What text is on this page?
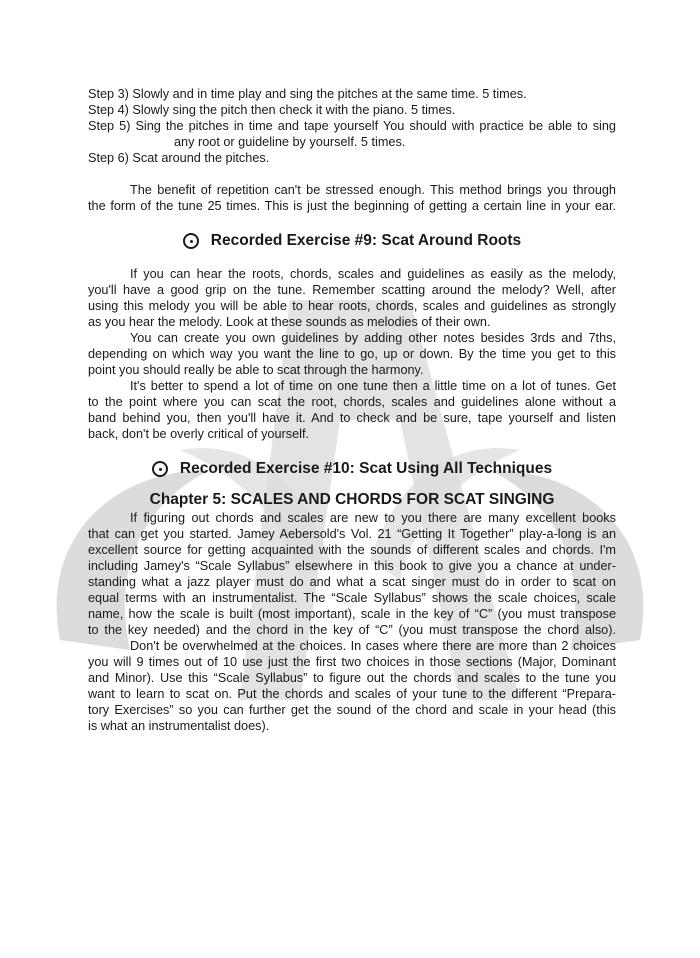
Step 3) Slowly and in time play and sing the pitches at the same time. 5 times.
Step 4) Slowly sing the pitch then check it with the piano. 5 times.
Step 5) Sing the pitches in time and tape yourself You should with practice be able to sing
any root or guideline by yourself. 5 times.
Step 6) Scat around the pitches.
The benefit of repetition can't be stressed enough. This method brings you through
the form of the tune 25 times. This is just the beginning of getting a certain line in your ear.
Recorded Exercise #9: Scat Around Roots
If you can hear the roots, chords, scales and guidelines as easily as the melody,
you'll have a good grip on the tune. Remember scatting around the melody? Well, after
using this melody you will be able to hear roots, chords, scales and guidelines as strongly
as you hear the melody. Look at these sounds as melodies of their own.
You can create you own guidelines by adding other notes besides 3rds and 7ths,
depending on which way you want the line to go, up or down. By the time you get to this
point you should really be able to scat through the harmony.
It's better to spend a lot of time on one tune then a little time on a lot of tunes. Get
to the point where you can scat the root, chords, scales and guidelines alone without a
band behind you, then you'll have it. And to check and be sure, tape yourself and listen
back, don't be overly critical of yourself.
Recorded Exercise #10: Scat Using All Techniques
Chapter 5: SCALES AND CHORDS FOR SCAT SINGING
If figuring out chords and scales are new to you there are many excellent books
that can get you started. Jamey Aebersold's Vol. 21 “Getting It Together” play-a-long is an
excellent source for getting acquainted with the sounds of different scales and chords. I'm
including Jamey's “Scale Syllabus” elsewhere in this book to give you a chance at under-
standing what a jazz player must do and what a scat singer must do in order to scat on
equal terms with an instrumentalist. The “Scale Syllabus” shows the scale choices, scale
name, how the scale is built (most important), scale in the key of “C” (you must transpose
to the key needed) and the chord in the key of “C” (you must transpose the chord also).
Don't be overwhelmed at the choices. In cases where there are more than 2 choices
you will 9 times out of 10 use just the first two choices in those sections (Major, Dominant
and Minor). Use this “Scale Syllabus” to figure out the chords and scales to the tune you
want to learn to scat on. Put the chords and scales of your tune to the different “Prepara-
tory Exercises” so you can further get the sound of the chord and scale in your head (this
is what an instrumentalist does).
